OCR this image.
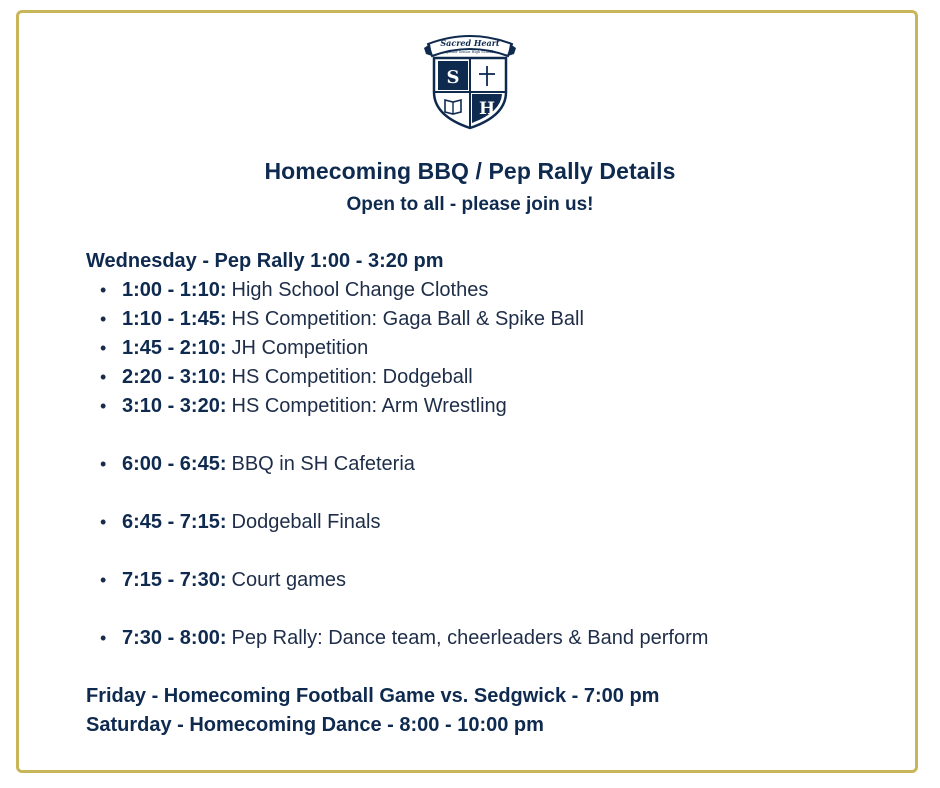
Sacred Heart
Junior Senior High School
S
H
Homecoming BBQ / Pep Rally Details
Open to all - please join us!
Wednesday - Pep Rally 1:00 - 3:20 pm
• 1:00 - 1:10: High School Change Clothes
• 1:10 - 1:45: HS Competition: Gaga Ball & Spike Ball
• 1:45 - 2:10: JH Competition
• 2:20 - 3:10: HS Competition: Dodgeball
• 3:10 - 3:20: HS Competition: Arm Wrestling
• 6:00 - 6:45: BBQ in SH Cafeteria
• 6:45 - 7:15: Dodgeball Finals
• 7:15 - 7:30: Court games
• 7:30 - 8:00: Pep Rally: Dance team, cheerleaders & Band perform
Friday - Homecoming Football Game vs. Sedgwick - 7:00 pm
Saturday - Homecoming Dance - 8:00 - 10:00 pm
